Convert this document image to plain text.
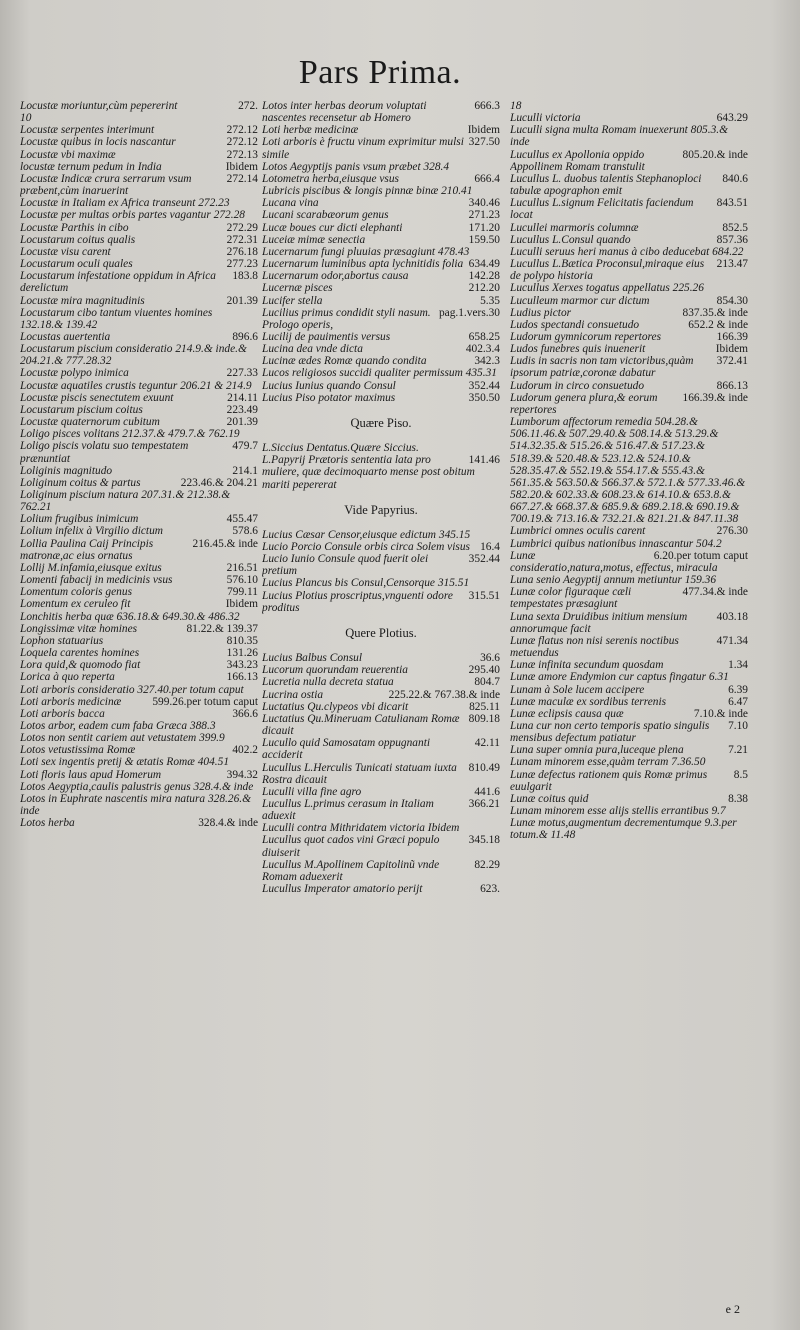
Pars Prima.
272.
Locustæ moriuntur,cùm pepererint
10
272.12
Locustæ serpentes interimunt
272.12
Locustæ quibus in locis nascantur
272.13
Locustæ vbi maximæ
Ibidem
locustæ ternum pedum in India
272.14
Locustæ Indicæ crura serrarum vsum præbent,cùm inaruerint
Locustæ in Italiam ex Africa transeunt 272.23
Locustæ per multas orbis partes vagantur 272.28
272.29
Locustæ Parthis in cibo
272.31
Locustarum coitus qualis
276.18
Locustæ visu carent
277.23
Locustarum oculi quales
183.8
Locustarum infestatione oppidum in Africa derelictum
201.39
Locustæ mira magnitudinis
Locustarum cibo tantum viuentes homines 132.18.& 139.42
896.6
Locustas auertentia
Locustarum piscium consideratio 214.9.& inde.& 204.21.& 777.28.32
227.33
Locustæ polypo inimica
Locustæ aquatiles crustis teguntur 206.21 & 214.9
214.11
Locustæ piscis senectutem exuunt
223.49
Locustarum piscium coitus
201.39
Locustæ quaternorum cubitum
Loligo pisces volitans 212.37.& 479.7.& 762.19
479.7
Loligo piscis volatu suo tempestatem prænuntiat
214.1
Loliginis magnitudo
223.46.& 204.21
Loliginum coitus & partus
Loliginum piscium natura 207.31.& 212.38.& 762.21
455.47
Lolium frugibus inimicum
578.6
Lolium infelix à Virgilio dictum
216.45.& inde
Lollia Paulina Caij Principis matronæ,ac eius ornatus
216.51
Lollij M.infamia,eiusque exitus
576.10
Lomenti fabacij in medicinis vsus
799.11
Lomentum coloris genus
Ibidem
Lomentum ex ceruleo fit
Lonchitis herba quæ 636.18.& 649.30.& 486.32
81.22.& 139.37
Longissimæ vitæ homines
810.35
Lophon statuarius
131.26
Loquela carentes homines
343.23
Lora quid,& quomodo fiat
166.13
Lorica à quo reperta
Loti arboris consideratio 327.40.per totum caput
599.26.per totum caput
Loti arboris medicinæ
366.6
Loti arboris bacca
Lotos arbor, eadem cum faba Græca 388.3
Lotos non sentit cariem aut vetustatem 399.9
402.2
Lotos vetustissima Romæ
Loti sex ingentis pretij & ætatis Romæ 404.51
394.32
Loti floris laus apud Homerum
Lotos Aegyptia,caulis palustris genus 328.4.& inde
Lotos in Euphrate nascentis mira natura 328.26.& inde
328.4.& inde
Lotos herba
666.3
Lotos inter herbas deorum voluptati nascentes recensetur ab Homero
Ibidem
Loti herbæ medicinæ
327.50
Loti arboris è fructu vinum exprimitur mulsi simile
Lotos Aegyptijs panis vsum præbet 328.4
666.4
Lotometra herba,eiusque vsus
Lubricis piscibus & longis pinnæ binæ 210.41
340.46
Lucana vina
271.23
Lucani scarabæorum genus
171.20
Lucæ boues cur dicti elephanti
159.50
Luceiæ mimæ senectia
Lucernarum fungi pluuias præsagiunt 478.43
634.49
Lucernarum luminibus apta lychnitidis folia
142.28
Lucernarum odor,abortus causa
212.20
Lucernæ pisces
5.35
Lucifer stella
pag.1.vers.30
Lucilius primus condidit styli nasum. Prologo operis,
658.25
Lucilij de pauimentis versus
402.3.4
Lucina dea vnde dicta
342.3
Lucinæ ædes Romæ quando condita
Lucos religiosos succidi qualiter permissum 435.31
352.44
Lucius Iunius quando Consul
350.50
Lucius Piso potator maximus
Quære Piso.
L.Siccius Dentatus.Quære Siccius.
141.46
L.Papyrij Prætoris sententia lata pro muliere, quæ decimoquarto mense post obitum mariti pepererat
Vide Papyrius.
Lucius Cæsar Censor,eiusque edictum 345.15
16.4
Lucio Porcio Consule orbis circa Solem visus
352.44
Lucio Iunio Consule quod fuerit olei pretium
Lucius Plancus bis Consul,Censorque 315.51
315.51
Lucius Plotius proscriptus,vnguenti odore proditus
Quere Plotius.
36.6
Lucius Balbus Consul
295.40
Lucorum quorundam reuerentia
804.7
Lucretia nulla decreta statua
225.22.& 767.38.& inde
Lucrina ostia
825.11
Luctatius Qu.clypeos vbi dicarit
809.18
Luctatius Qu.Mineruam Catulianam Romæ dicauit
42.11
Lucullo quid Samosatam oppugnanti acciderit
810.49
Lucullus L.Herculis Tunicati statuam iuxta Rostra dicauit
441.6
Luculli villa fine agro
366.21
Lucullus L.primus cerasum in Italiam aduexit
Luculli contra Mithridatem victoria Ibidem
345.18
Lucullus quot cados vini Græci populo diuiserit
82.29
Lucullus M.Apollinem Capitolinũ vnde Romam aduexerit
623.
Lucullus Imperator amatorio perijt
18
643.29
Luculli victoria
Luculli signa multa Romam inuexerunt 805.3.& inde
805.20.& inde
Lucullus ex Apollonia oppido Appollinem Romam transtulit
840.6
Lucullus L. duobus talentis Stephanoploci tabulæ apographon emit
843.51
Lucullus L.signum Felicitatis faciendum locat
852.5
Lucullei marmoris columnæ
857.36
Lucullus L.Consul quando
Luculli seruus heri manus à cibo deducebat 684.22
213.47
Lucullus L.Bætica Proconsul,miraque eius de polypo historia
Lucullus Xerxes togatus appellatus 225.26
854.30
Luculleum marmor cur dictum
837.35.& inde
Ludius pictor
652.2 & inde
Ludos spectandi consuetudo
166.39
Ludorum gymnicorum repertores
Ibidem
Ludos funebres quis inuenerit
372.41
Ludis in sacris non tam victoribus,quàm ipsorum patriæ,coronæ dabatur
866.13
Ludorum in circo consuetudo
166.39.& inde
Ludorum genera plura,& eorum repertores
Lumborum affectorum remedia 504.28.& 506.11.46.& 507.29.40.& 508.14.& 513.29.& 514.32.35.& 515.26.& 516.47.& 517.23.& 518.39.& 520.48.& 523.12.& 524.10.& 528.35.47.& 552.19.& 554.17.& 555.43.& 561.35.& 563.50.& 566.37.& 572.1.& 577.33.46.& 582.20.& 602.33.& 608.23.& 614.10.& 653.8.& 667.27.& 668.37.& 685.9.& 689.2.18.& 690.19.& 700.19.& 713.16.& 732.21.& 821.21.& 847.11.38
276.30
Lumbrici omnes oculis carent
Lumbrici quibus nationibus innascantur 504.2
6.20.per totum caput
Lunæ consideratio,natura,motus, effectus, miracula
Luna senio Aegyptij annum metiuntur 159.36
477.34.& inde
Lunæ color figuraque cæli tempestates præsagiunt
403.18
Luna sexta Druidibus initium mensium annorumque facit
471.34
Lunæ flatus non nisi serenis noctibus metuendus
1.34
Lunæ infinita secundum quosdam
Lunæ amore Endymion cur captus fingatur 6.31
6.39
Lunam à Sole lucem accipere
6.47
Lunæ maculæ ex sordibus terrenis
7.10.& inde
Lunæ eclipsis causa quæ
7.10
Luna cur non certo temporis spatio singulis mensibus defectum patiatur
7.21
Luna super omnia pura,luceque plena
Lunam minorem esse,quàm terram 7.36.50
8.5
Lunæ defectus rationem quis Romæ primus euulgarit
8.38
Lunæ coitus quid
Lunam minorem esse alijs stellis errantibus 9.7
Lunæ motus,augmentum decrementumque 9.3.per totum.& 11.48
e 2
